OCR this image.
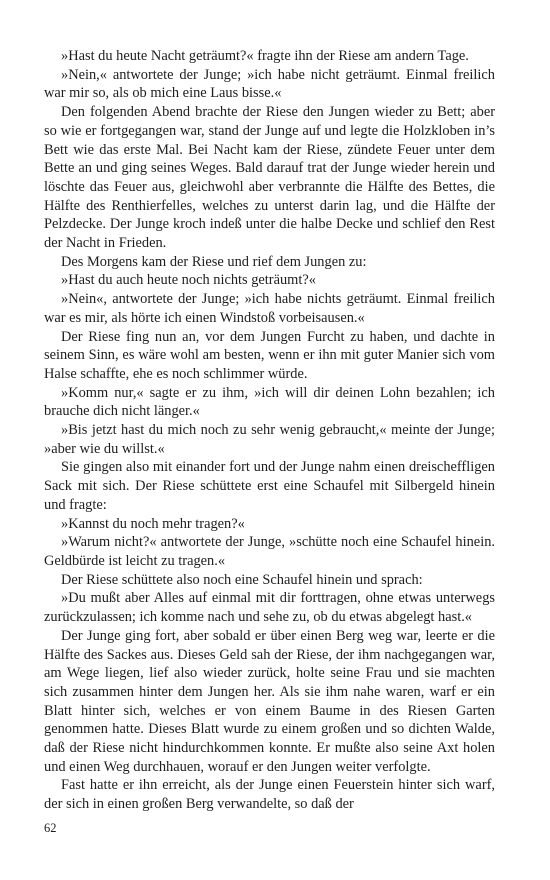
»Hast du heute Nacht geträumt?« fragte ihn der Riese am andern Tage.

»Nein,« antwortete der Junge; »ich habe nicht geträumt. Einmal freilich war mir so, als ob mich eine Laus bisse.«

Den folgenden Abend brachte der Riese den Jungen wieder zu Bett; aber so wie er fortgegangen war, stand der Junge auf und legte die Holzkloben in’s Bett wie das erste Mal. Bei Nacht kam der Riese, zündete Feuer unter dem Bette an und ging seines Weges. Bald darauf trat der Junge wieder herein und löschte das Feuer aus, gleichwohl aber verbrannte die Hälfte des Bettes, die Hälfte des Renthierfelles, welches zu unterst darin lag, und die Hälfte der Pelzdecke. Der Junge kroch indeß unter die halbe Decke und schlief den Rest der Nacht in Frieden.

Des Morgens kam der Riese und rief dem Jungen zu:

»Hast du auch heute noch nichts geträumt?«

»Nein«, antwortete der Junge; »ich habe nichts geträumt. Einmal freilich war es mir, als hörte ich einen Windstoß vorbeisausen.«

Der Riese fing nun an, vor dem Jungen Furcht zu haben, und dachte in seinem Sinn, es wäre wohl am besten, wenn er ihn mit guter Manier sich vom Halse schaffte, ehe es noch schlimmer würde.

»Komm nur,« sagte er zu ihm, »ich will dir deinen Lohn bezahlen; ich brauche dich nicht länger.«

»Bis jetzt hast du mich noch zu sehr wenig gebraucht,« meinte der Junge; »aber wie du willst.«

Sie gingen also mit einander fort und der Junge nahm einen dreischeffligen Sack mit sich. Der Riese schüttete erst eine Schaufel mit Silbergeld hinein und fragte:

»Kannst du noch mehr tragen?«

»Warum nicht?« antwortete der Junge, »schütte noch eine Schaufel hinein. Geldbürde ist leicht zu tragen.«

Der Riese schüttete also noch eine Schaufel hinein und sprach:

»Du mußt aber Alles auf einmal mit dir forttragen, ohne etwas unterwegs zurückzulassen; ich komme nach und sehe zu, ob du etwas abgelegt hast.«

Der Junge ging fort, aber sobald er über einen Berg weg war, leerte er die Hälfte des Sackes aus. Dieses Geld sah der Riese, der ihm nachgegangen war, am Wege liegen, lief also wieder zurück, holte seine Frau und sie machten sich zusammen hinter dem Jungen her. Als sie ihm nahe waren, warf er ein Blatt hinter sich, welches er von einem Baume in des Riesen Garten genommen hatte. Dieses Blatt wurde zu einem großen und so dichten Walde, daß der Riese nicht hindurchkommen konnte. Er mußte also seine Axt holen und einen Weg durchhauen, worauf er den Jungen weiter verfolgte.

Fast hatte er ihn erreicht, als der Junge einen Feuerstein hinter sich warf, der sich in einen großen Berg verwandelte, so daß der

62
